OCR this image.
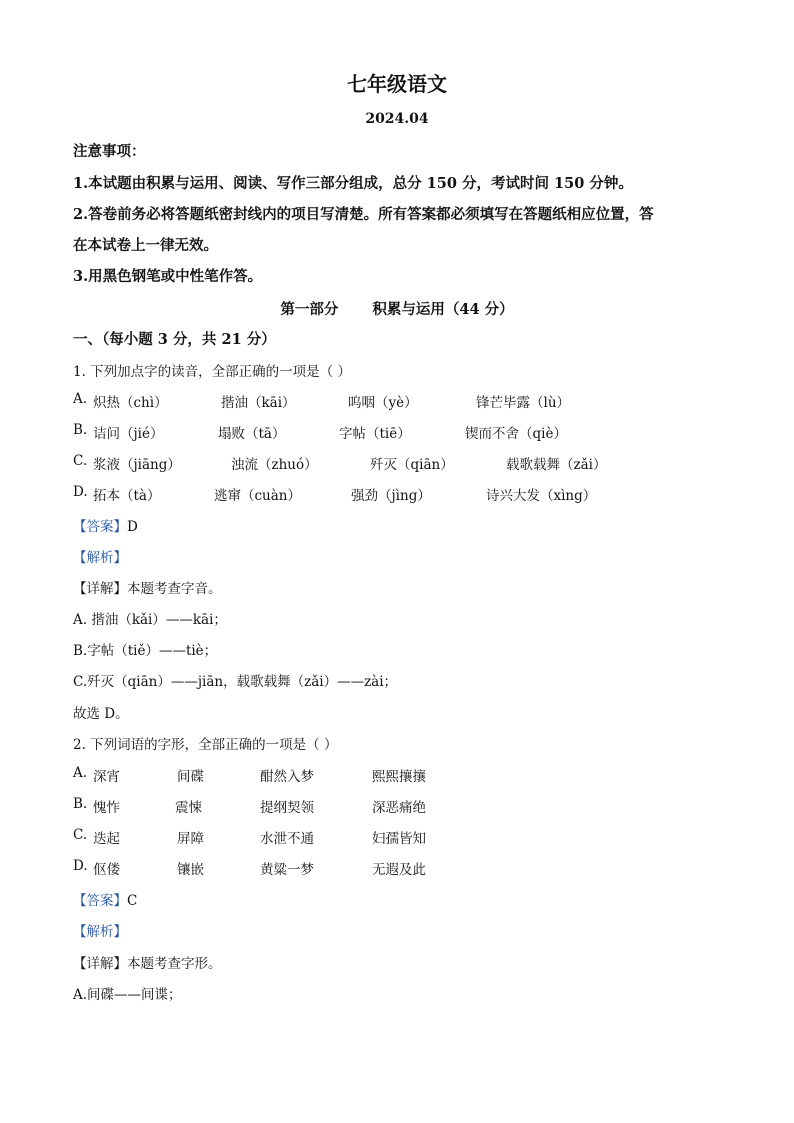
七年级语文
2024.04
注意事项：
1.本试题由积累与运用、阅读、写作三部分组成，总分 150 分，考试时间 150 分钟。
2.答卷前务必将答题纸密封线内的项目写清楚。所有答案都必须填写在答题纸相应位置，答
在本试卷上一律无效。
3.用黑色钢笔或中性笔作答。
第一部分 积累与运用（44 分）
一、（每小题 3 分，共 21 分）
1. 下列加点字的读音，全部正确的一项是（ ）
A. 炽热（chì）	揩油（kāi）	呜咽（yè）	锋芒毕露（lù）
B. 诘问（jié）	塌败（tā）	字帖（tiē）	锲而不舍（qiè）
C. 浆液（jiāng）	浊流（zhuó）	歼灭（qiān）	载歌载舞（zǎi）
D. 拓本（tà）	逃窜（cuàn）	强劲（jìng）	诗兴大发（xìng）
【答案】D
【解析】
【详解】本题考查字音。
A. 揩油（kǎi）——kāi；
B.字帖（tiě）——tiè；
C.歼灭（qiān）——jiān，载歌载舞（zǎi）——zài；
故选 D。
2. 下列词语的字形，全部正确的一项是（ ）
A. 深宵	间碟	酣然入梦	熙熙攘攘
B. 愧怍	震悚	提纲契领	深恶痛绝
C. 迭起	屏障	水泄不通	妇孺皆知
D. 伛偻	镶嵌	黄粱一梦	无遐及此
【答案】C
【解析】
【详解】本题考查字形。
A.间碟——间谍；
